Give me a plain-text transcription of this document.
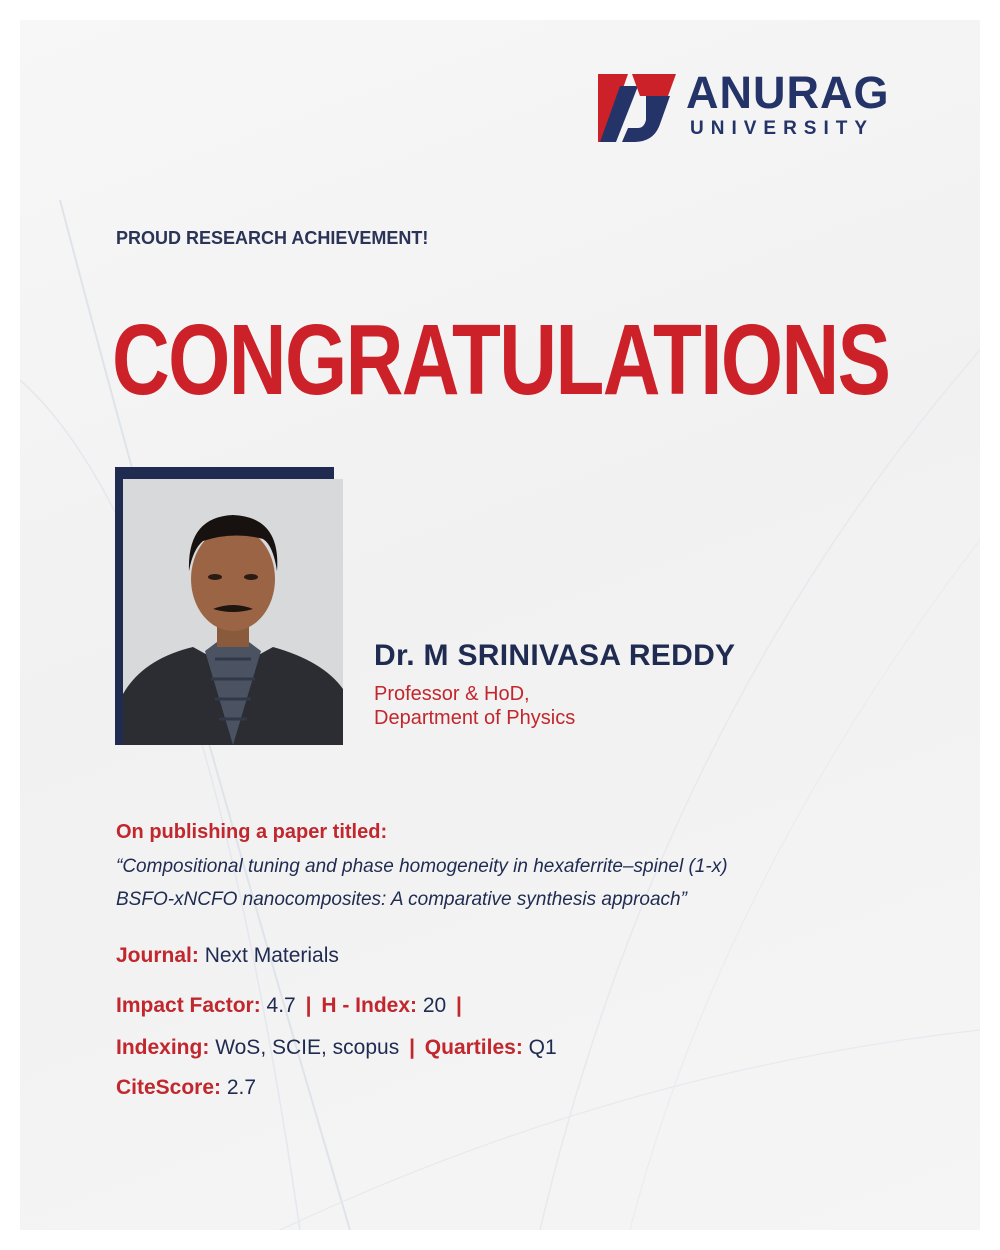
ANURAG
UNIVERSITY
PROUD RESEARCH ACHIEVEMENT!
CONGRATULATIONS
Dr. M SRINIVASA REDDY
Professor & HoD,
Department of Physics
On publishing a paper titled:
“Compositional tuning and phase homogeneity in hexaferrite–spinel (1-x)
BSFO-xNCFO nanocomposites: A comparative synthesis approach”
Journal: Next Materials
Impact Factor: 4.7 | H - Index: 20 |
Indexing: WoS, SCIE, scopus | Quartiles: Q1
CiteScore: 2.7
